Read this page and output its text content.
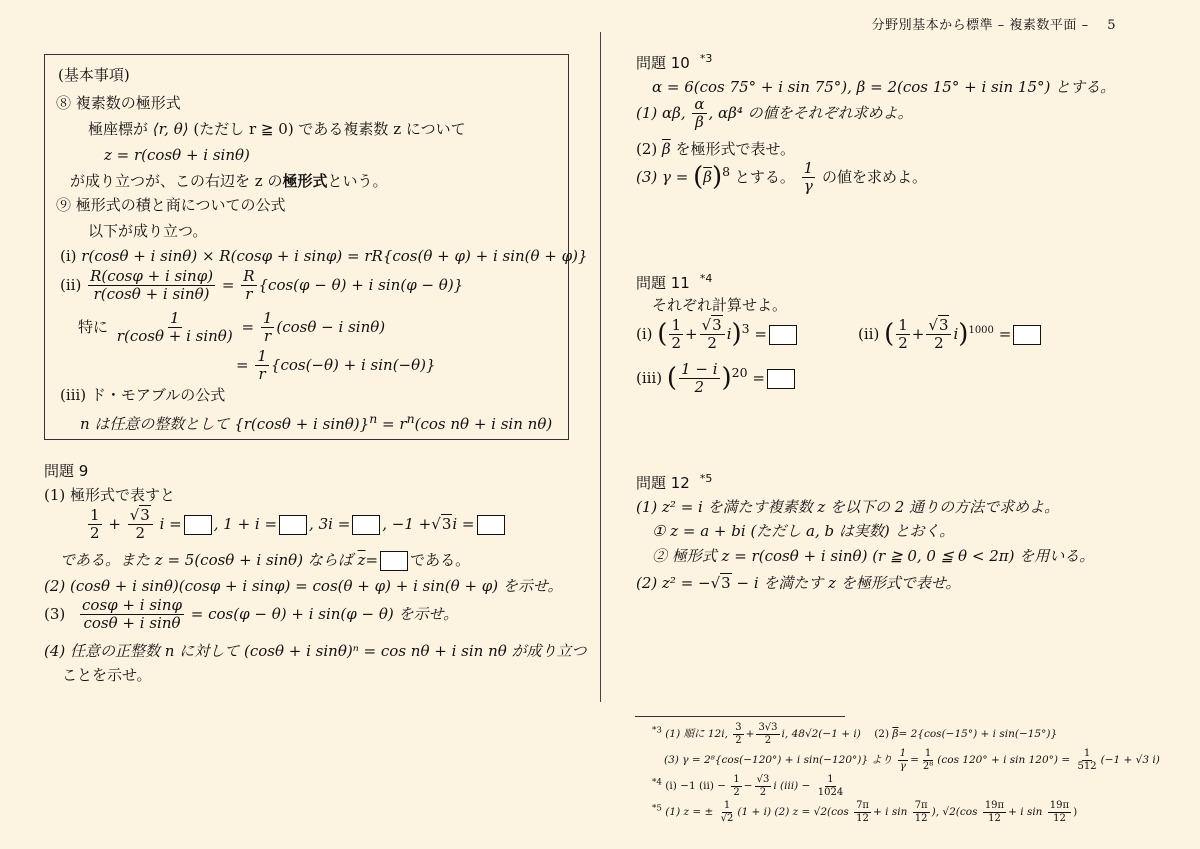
分野別基本から標準 – 複素数平面 – 5
(基本事項)
⑧ 複素数の極形式
極座標が ⟨r, θ⟩ (ただし r ≧ 0) である複素数 z について
z = r(cosθ + i sinθ)
が成り立つが、この右辺を z の極形式という。
⑨ 極形式の積と商についての公式
以下が成り立つ。
(ⅰ) r(cosθ + i sinθ) × R(cosφ + i sinφ) = rR{cos(θ + φ) + i sin(θ + φ)}
(ⅱ) $\frac{\text{R(cosφ + i sinφ)}}{\text{r(cosθ + i sinθ)}} = \frac{R}{r} \{\cos(\varphi - \theta) + i$ sin(φ − θ)}
特に $\frac{1}{\text{r(cosθ + i sinθ)}} = \frac{1}{r} (\cos\theta - i$ sinθ)
= $\frac{1}{r} \{\cos(-\theta) + i$ sin(−θ)}
(ⅲ) ド・モアブルの公式
n は任意の整数として {r(cosθ + i $\sin\theta)\}^n = r^n(\cos$ nθ + i sin nθ)
問題 9
(1) 極形式で表すと
$\frac{1}{2} + \frac{√3}{2}$ i = , 1 + i = , 3i = , −1 +√3i =
である。また z = 5(cosθ + i sinθ) ならば $\overline{z}=$ である。
(2) (cosθ + i sinθ)(cosφ + i sinφ) = cos(θ + φ) + i sin(θ + φ) を示せ。
$(3) \frac{\text{cosφ + i sinφ}}{\text{cosθ + i sinθ}} = \cos(\varphi - \theta) + i$ sin(φ − θ) を示せ。
(4) 任意の正整数 n に対して (cosθ + i sinθ)ⁿ = cos nθ + i sin nθ が成り立つ
ことを示せ。
問題 10 $^{*3}$
α = 6(cos 75° + i sin 75°), β = 2(cos 15° + i sin 15°) とする。
(1) αβ, $\frac{\alpha}{\beta}$ , αβ⁴ の値をそれぞれ求めよ。
(2) $\overline{\beta}$ を極形式で表せ。
(3) $\gamma = (\overline{\beta})^8$ とする。 $\frac{1}{\gamma}$ の値を求めよ。
問題 11 $^{*4}$
それぞれ計算せよ。
(ⅰ) ( $\frac{1}{2} + \frac{√3}{2} i)^3$ =	(ⅱ) ( $\frac{1}{2} + \frac{√3}{2} i)^{1000}$ =
(ⅲ) ( $\frac{1 - i}{2} )^{20}$ =
問題 12 $^{*5}$
(1) z² = i を満たす複素数 z を以下の 2 通りの方法で求めよ。
① z = a + bi (ただし a, b は実数) とおく。
② 極形式 z = r(cosθ + i sinθ) (r ≧ 0, 0 ≦ θ < 2π) を用いる。
(2) z² = −√3 − i を満たす z を極形式で表せ。
$^{*3}$ (1) 順に 12i, $\frac{3}{2} + \frac{3√3}{2} i$, 48√2(−1 + i) (2) $\overline{\beta}= 2\{\cos(-15^\circ) + i$ sin(−15°)}
(3) γ = 2⁸{cos(−120°) + i sin(−120°)} より $\frac{1}{\gamma} = \frac{1}{\text{2⁸}} (\cos$ 120° + i $\sin 120^\circ) = \frac{1}{512} (-1 + √3$ i)
$^{*4}$ (ⅰ) −1 (ⅱ) − $\frac{1}{2} - \frac{√3}{2}$ i (ⅲ) − $\frac{1}{1024}$
$^{*5}$ (1) z = ± $\frac{1}{√2} (1 + i)$ (2) $z = √2(\cos \frac{7\pi}{12} + i$ $\sin \frac{7\pi}{12}$ ), $√2(\cos \frac{19\pi}{12} + i$ $\sin \frac{19\pi}{12}$ )
